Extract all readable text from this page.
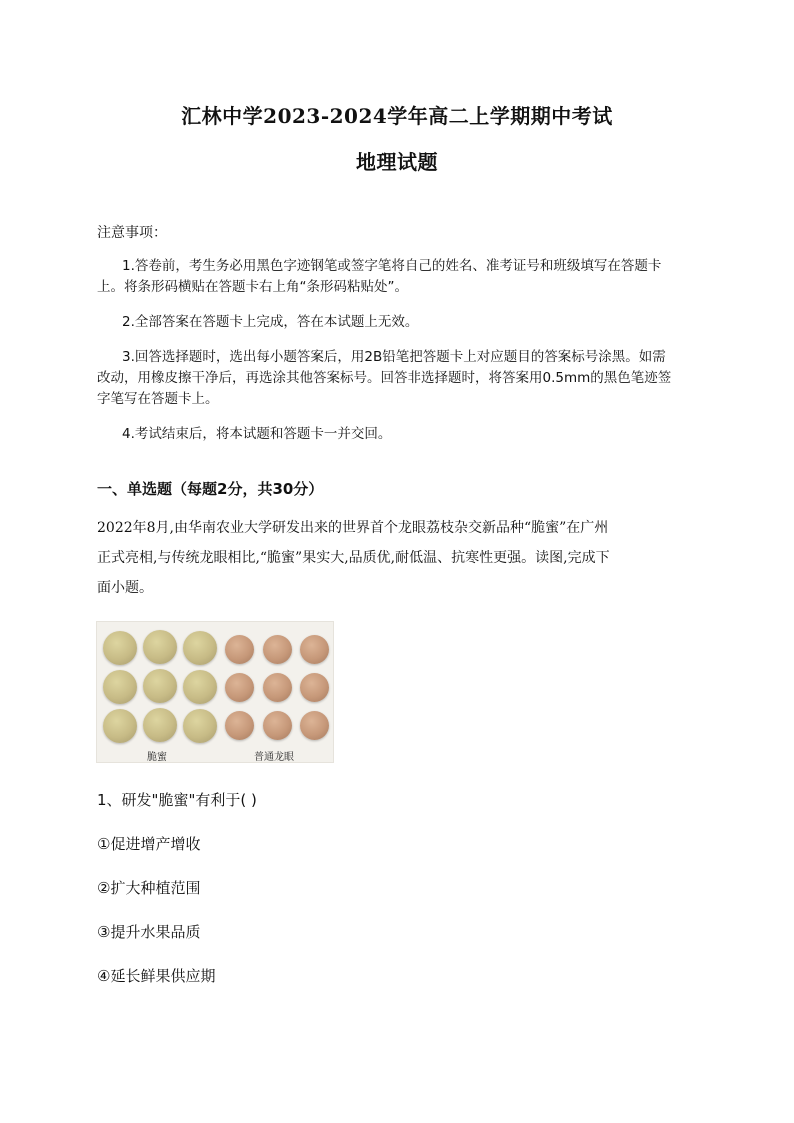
汇林中学2023-2024学年高二上学期期中考试
地理试题
注意事项：
1.答卷前，考生务必用黑色字迹钢笔或签字笔将自己的姓名、准考证号和班级填写在答题卡
上。将条形码横贴在答题卡右上角“条形码粘贴处”。
2.全部答案在答题卡上完成，答在本试题上无效。
3.回答选择题时，选出每小题答案后，用2B铅笔把答题卡上对应题目的答案标号涂黑。如需
改动，用橡皮擦干净后，再选涂其他答案标号。回答非选择题时，将答案用0.5mm的黑色笔迹签
字笔写在答题卡上。
4.考试结束后，将本试题和答题卡一并交回。
一、单选题（每题2分，共30分）
2022年8月,由华南农业大学研发出来的世界首个龙眼荔枝杂交新品种“脆蜜”在广州
正式亮相,与传统龙眼相比,“脆蜜”果实大,品质优,耐低温、抗寒性更强。读图,完成下
面小题。
脆蜜	普通龙眼
1、研发"脆蜜"有利于( )
①促进增产增收
②扩大种植范围
③提升水果品质
④延长鲜果供应期
